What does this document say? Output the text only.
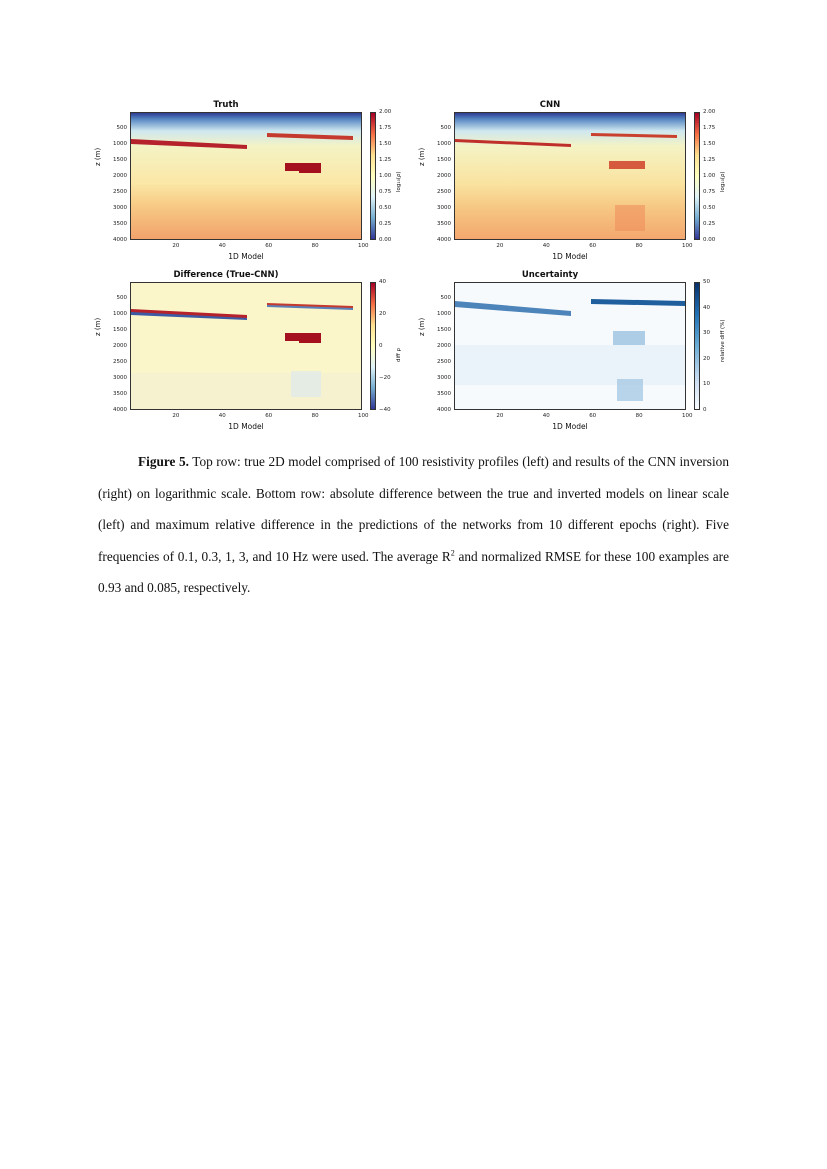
Truth
z (m)
1D Model
log₁₀(ρ)
500
1000
1500
2000
2500
3000
3500
4000
20	40	60	80	100
2.00
1.75
1.50
1.25
1.00
0.75
0.50
0.25
0.00
CNN
z (m)
1D Model
log₁₀(ρ)
500
1000
1500
2000
2500
3000
3500
4000
20	40	60	80	100
2.00
1.75
1.50
1.25
1.00
0.75
0.50
0.25
0.00
Difference (True-CNN)
z (m)
1D Model
diff ρ
500
1000
1500
2000
2500
3000
3500
4000
20	40	60	80	100
40
20
0
−20
−40
Uncertainty
z (m)
1D Model
relative diff (%)
500
1000
1500
2000
2500
3000
3500
4000
20	40	60	80	100
50
40
30
20
10
0
Figure 5. Top row: true 2D model comprised of 100 resistivity profiles (left) and results of the CNN inversion (right) on logarithmic scale. Bottom row: absolute difference between the true and inverted models on linear scale (left) and maximum relative difference in the predictions of the networks from 10 different epochs (right). Five frequencies of 0.1, 0.3, 1, 3, and 10 Hz were used. The average $R^2$ and normalized RMSE for these 100 examples are 0.93 and 0.085, respectively.
